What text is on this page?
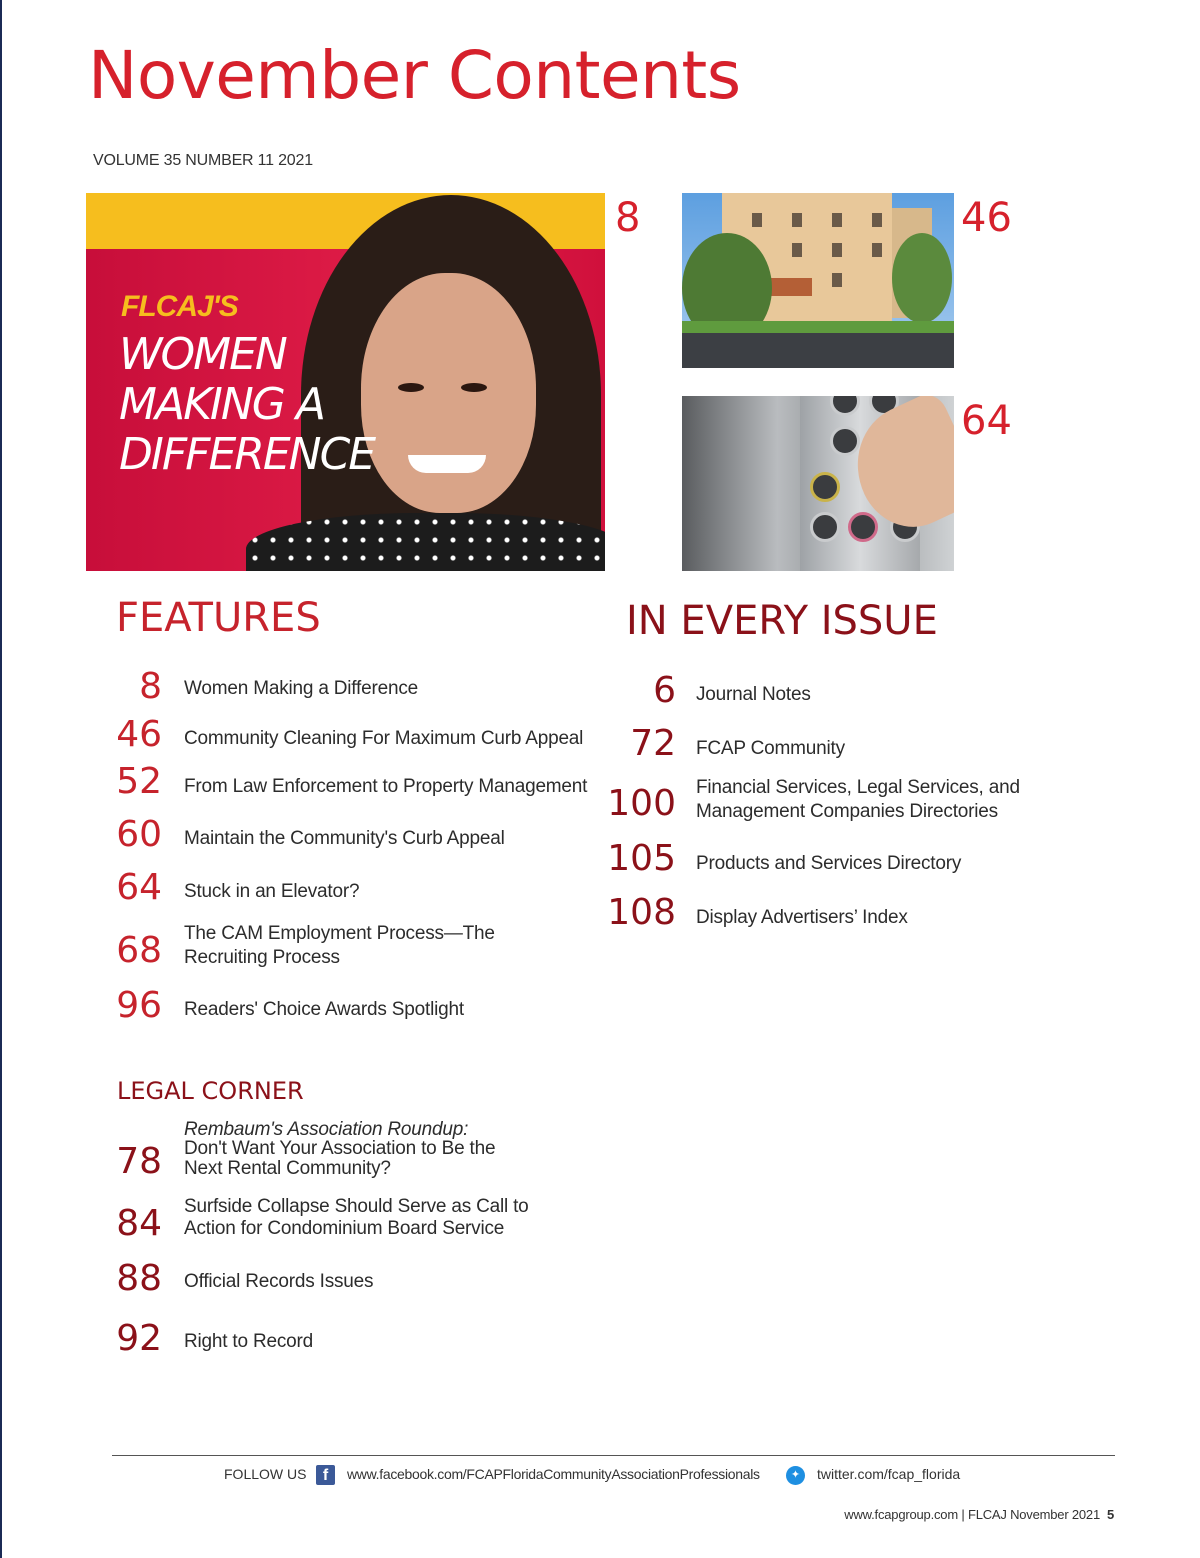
November Contents
VOLUME 35 NUMBER 11 2021
FLCAJ'S
WOMEN
MAKING A
DIFFERENCE
8	46
64
FEATURES
8 Women Making a Difference
46 Community Cleaning For Maximum Curb Appeal
52 From Law Enforcement to Property Management
60 Maintain the Community's Curb Appeal
64 Stuck in an Elevator?
68 The CAM Employment Process—The
Recruiting Process
96 Readers' Choice Awards Spotlight
IN EVERY ISSUE
6 Journal Notes
72 FCAP Community
100 Financial Services, Legal Services, and
Management Companies Directories
105 Products and Services Directory
108 Display Advertisers’ Index
LEGAL CORNER
78
Rembaum's Association Roundup:
Don't Want Your Association to Be the
Next Rental Community?
84 Surfside Collapse Should Serve as Call to
Action for Condominium Board Service
88 Official Records Issues
92 Right to Record
FOLLOW US	f	www.facebook.com/FCAPFloridaCommunityAssociationProfessionals	✦	twitter.com/fcap_florida
www.fcapgroup.com | FLCAJ November 2021 5
